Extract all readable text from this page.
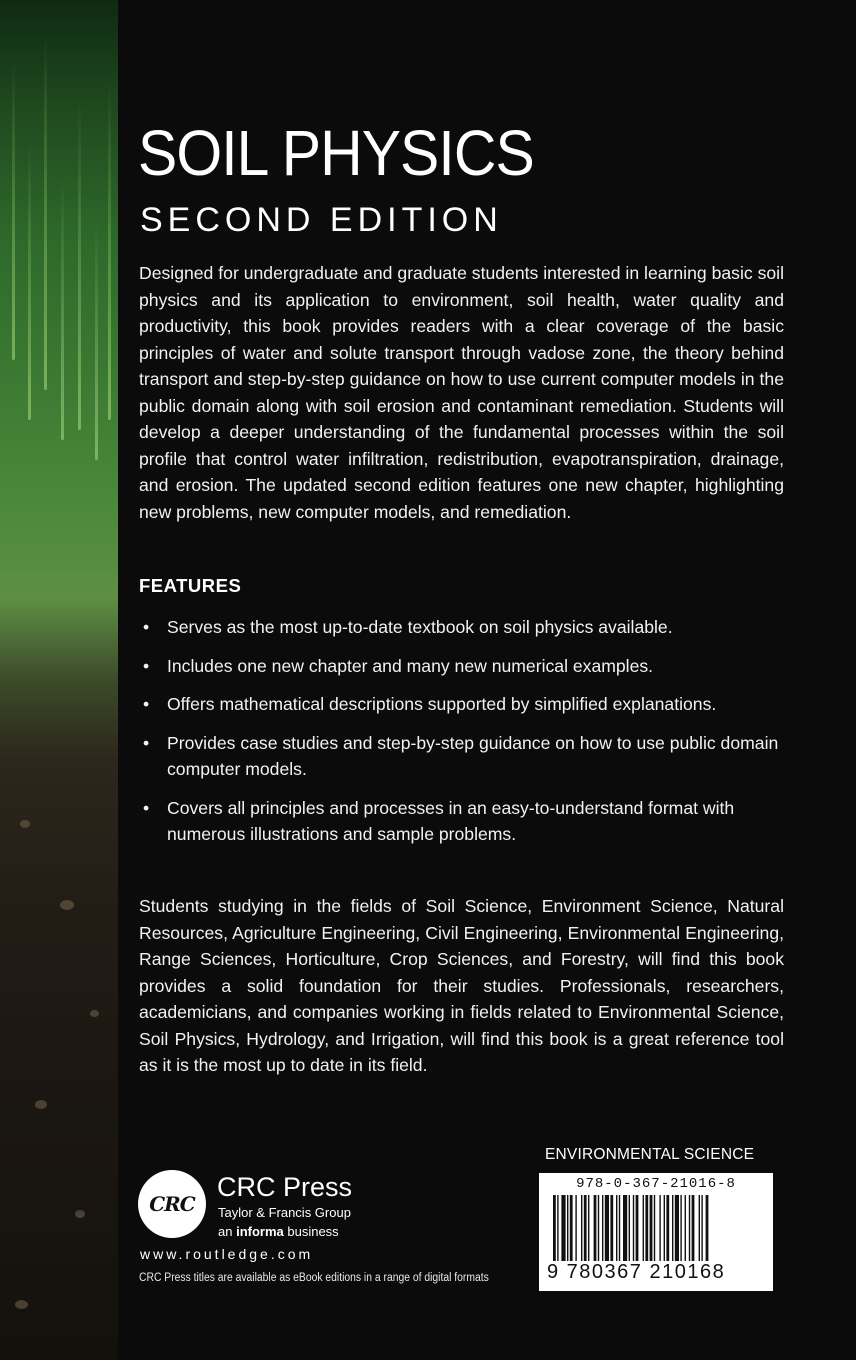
SOIL PHYSICS
SECOND EDITION
Designed for undergraduate and graduate students interested in learning basic soil physics and its application to environment, soil health, water quality and productivity, this book provides readers with a clear coverage of the basic principles of water and solute transport through vadose zone, the theory behind transport and step-by-step guidance on how to use current computer models in the public domain along with soil erosion and contaminant remediation. Students will develop a deeper understanding of the fundamental processes within the soil profile that control water infiltration, redistribution, evapotranspiration, drainage, and erosion. The updated second edition features one new chapter, highlighting new problems, new computer models, and remediation.
FEATURES
• Serves as the most up-to-date textbook on soil physics available.
• Includes one new chapter and many new numerical examples.
• Offers mathematical descriptions supported by simplified explanations.
• Provides case studies and step-by-step guidance on how to use public domain computer models.
• Covers all principles and processes in an easy-to-understand format with numerous illustrations and sample problems.
Students studying in the fields of Soil Science, Environment Science, Natural Resources, Agriculture Engineering, Civil Engineering, Environmental Engineering, Range Sciences, Horticulture, Crop Sciences, and Forestry, will find this book provides a solid foundation for their studies. Professionals, researchers, academicians, and companies working in fields related to Environmental Science, Soil Physics, Hydrology, and Irrigation, will find this book is a great reference tool as it is the most up to date in its field.
CRC
CRC Press
Taylor & Francis Group
an informa business
www.routledge.com
CRC Press titles are available as eBook editions in a range of digital formats
ENVIRONMENTAL SCIENCE
978-0-367-21016-8
9 780367 210168
